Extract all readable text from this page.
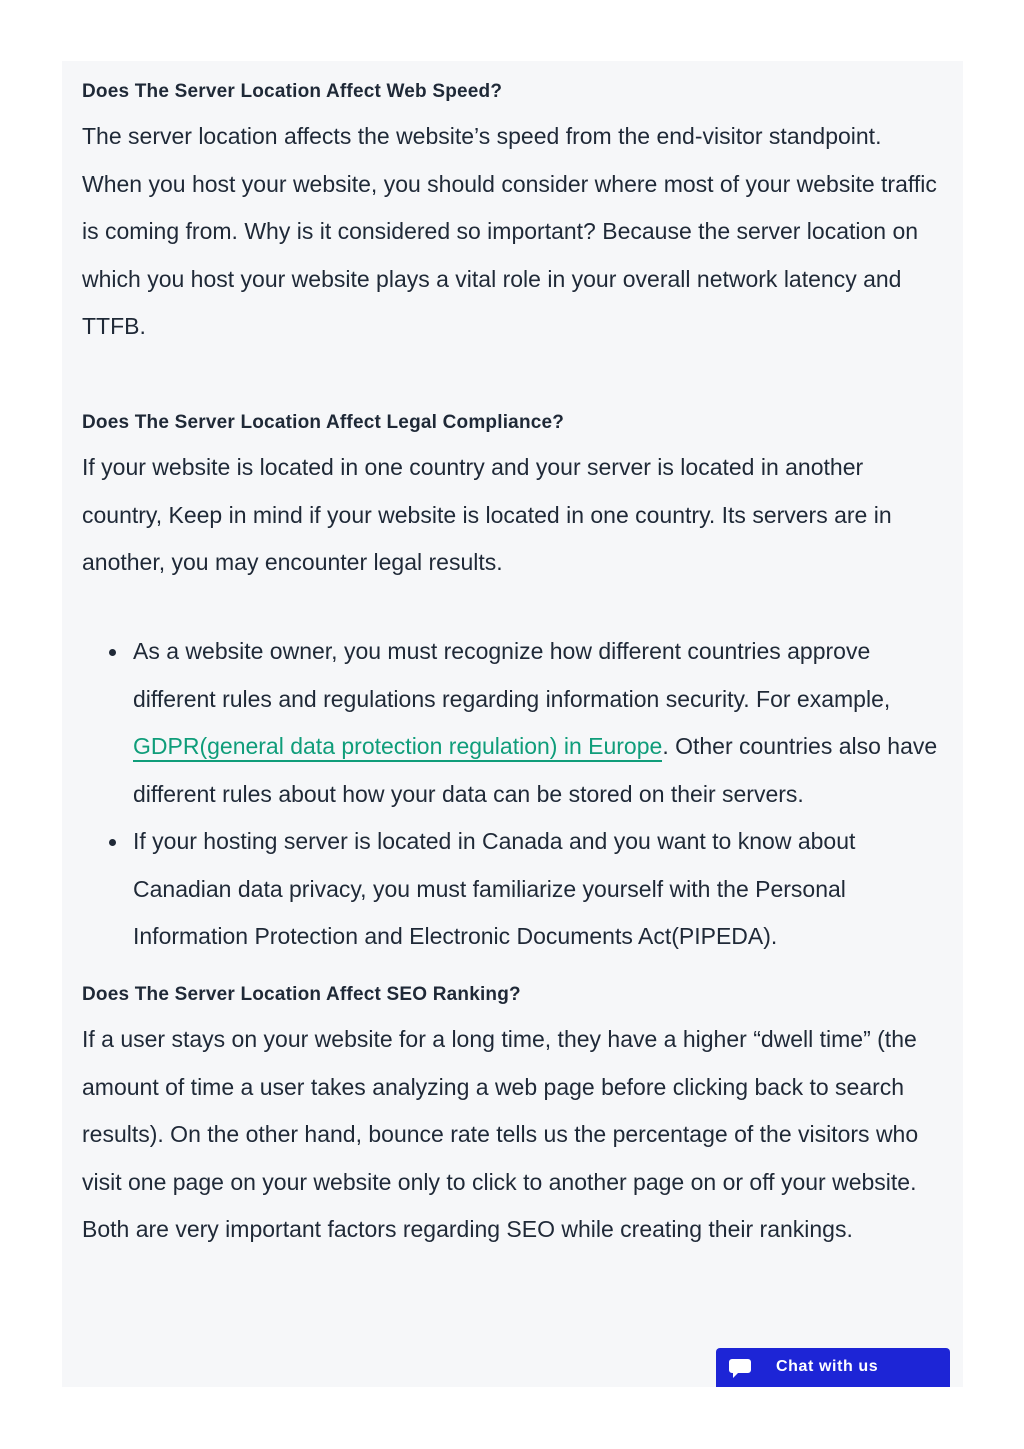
Does The Server Location Affect Web Speed?

The server location affects the website’s speed from the end-visitor standpoint. When you host your website, you should consider where most of your website traffic is coming from. Why is it considered so important? Because the server location on which you host your website plays a vital role in your overall network latency and TTFB.

Does The Server Location Affect Legal Compliance?

If your website is located in one country and your server is located in another country, Keep in mind if your website is located in one country. Its servers are in another, you may encounter legal results.

As a website owner, you must recognize how different countries approve different rules and regulations regarding information security. For example, GDPR(general data protection regulation) in Europe. Other countries also have different rules about how your data can be stored on their servers.
If your hosting server is located in Canada and you want to know about Canadian data privacy, you must familiarize yourself with the Personal Information Protection and Electronic Documents Act(PIPEDA).
Does The Server Location Affect SEO Ranking?

If a user stays on your website for a long time, they have a higher “dwell time” (the amount of time a user takes analyzing a web page before clicking back to search results). On the other hand, bounce rate tells us the percentage of the visitors who visit one page on your website only to click to another page on or off your website. Both are very important factors regarding SEO while creating their rankings.

Chat with us
